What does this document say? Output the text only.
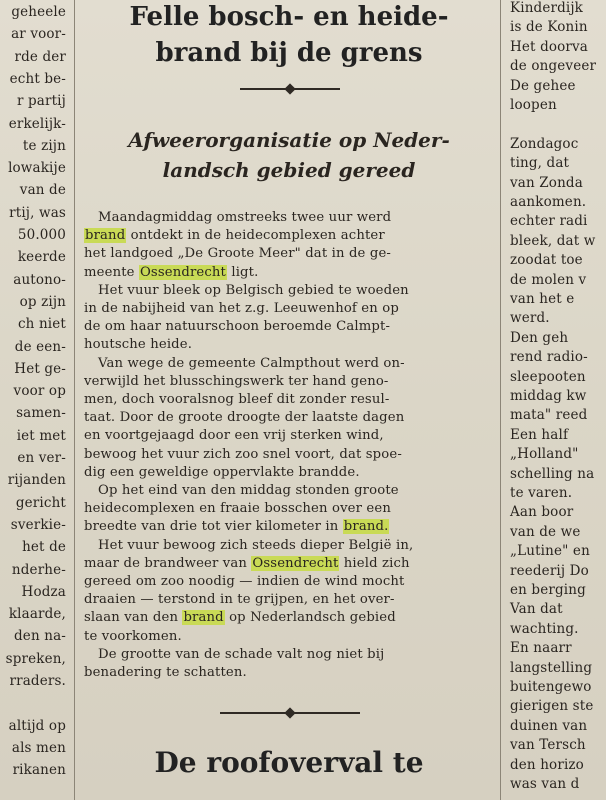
geheele
ar voor-
rde der
echt be-
r partij
erkelijk-
te zijn
lowakije
van de
rtij, was
50.000
keerde
autono-
op zijn
ch niet
de een-
Het ge-
voor op
samen-
iet met
en ver-
rijanden
gericht
sverkie-
het de
nderhe-
Hodza
klaarde,
den na-
spreken,
rraders.
altijd op
als men
rikanen
Felle bosch- en heide-
brand bij de grens
Afweerorganisatie op Neder-
landsch gebied gereed
Maandagmiddag omstreeks twee uur werd
brand ontdekt in de heidecomplexen achter
het landgoed „De Groote Meer" dat in de ge-
meente Ossendrecht ligt.
Het vuur bleek op Belgisch gebied te woeden
in de nabijheid van het z.g. Leeuwenhof en op
de om haar natuurschoon beroemde Calmpt-
houtsche heide.
Van wege de gemeente Calmpthout werd on-
verwijld het blusschingswerk ter hand geno-
men, doch vooralsnog bleef dit zonder resul-
taat. Door de groote droogte der laatste dagen
en voortgejaagd door een vrij sterken wind,
bewoog het vuur zich zoo snel voort, dat spoe-
dig een geweldige oppervlakte brandde.
Op het eind van den middag stonden groote
heidecomplexen en fraaie bosschen over een
breedte van drie tot vier kilometer in brand.
Het vuur bewoog zich steeds dieper België in,
maar de brandweer van Ossendrecht hield zich
gereed om zoo noodig — indien de wind mocht
draaien — terstond in te grijpen, en het over-
slaan van den brand op Nederlandsch gebied
te voorkomen.
De grootte van de schade valt nog niet bij
benadering te schatten.
De roofoverval te
Kinderdijk
is de Konin
Het doorva
de ongeveer
De gehee
loopen
Zondagoc
ting, dat
van Zonda
aankomen.
echter radi
bleek, dat w
zoodat toe
de molen v
van het e
werd.
Den geh
rend radio-
sleepooten
middag kw
mata" reed
Een half
„Holland"
schelling na
te varen.
Aan boor
van de we
„Lutine" en
reederij Do
en berging
Van dat
wachting.
En naarr
langstelling
buitengewo
gierigen ste
duinen van
van Tersch
den horizo
was van d
